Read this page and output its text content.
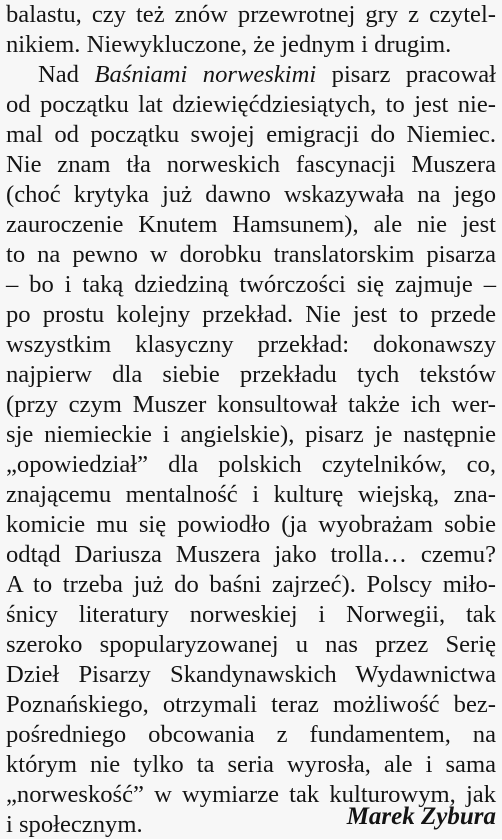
balastu, czy też znów przewrotnej gry z czytel-
nikiem. Niewykluczone, że jednym i drugim.
Nad Baśniami norweskimi pisarz pracował
od początku lat dziewięćdziesiątych, to jest nie-
mal od początku swojej emigracji do Niemiec.
Nie znam tła norweskich fascynacji Muszera
(choć krytyka już dawno wskazywała na jego
zauroczenie Knutem Hamsunem), ale nie jest
to na pewno w dorobku translatorskim pisarza
– bo i taką dziedziną twórczości się zajmuje –
po prostu kolejny przekład. Nie jest to przede
wszystkim klasyczny przekład: dokonawszy
najpierw dla siebie przekładu tych tekstów
(przy czym Muszer konsultował także ich wer-
sje niemieckie i angielskie), pisarz je następnie
„opowiedział” dla polskich czytelników, co,
znającemu mentalność i kulturę wiejską, zna-
komicie mu się powiodło (ja wyobrażam sobie
odtąd Dariusza Muszera jako trolla… czemu?
A to trzeba już do baśni zajrzeć). Polscy miło-
śnicy literatury norweskiej i Norwegii, tak
szeroko spopularyzowanej u nas przez Serię
Dzieł Pisarzy Skandynawskich Wydawnictwa
Poznańskiego, otrzymali teraz możliwość bez-
pośredniego obcowania z fundamentem, na
którym nie tylko ta seria wyrosła, ale i sama
„norweskość” w wymiarze tak kulturowym, jak
i społecznym.	Marek Zybura
